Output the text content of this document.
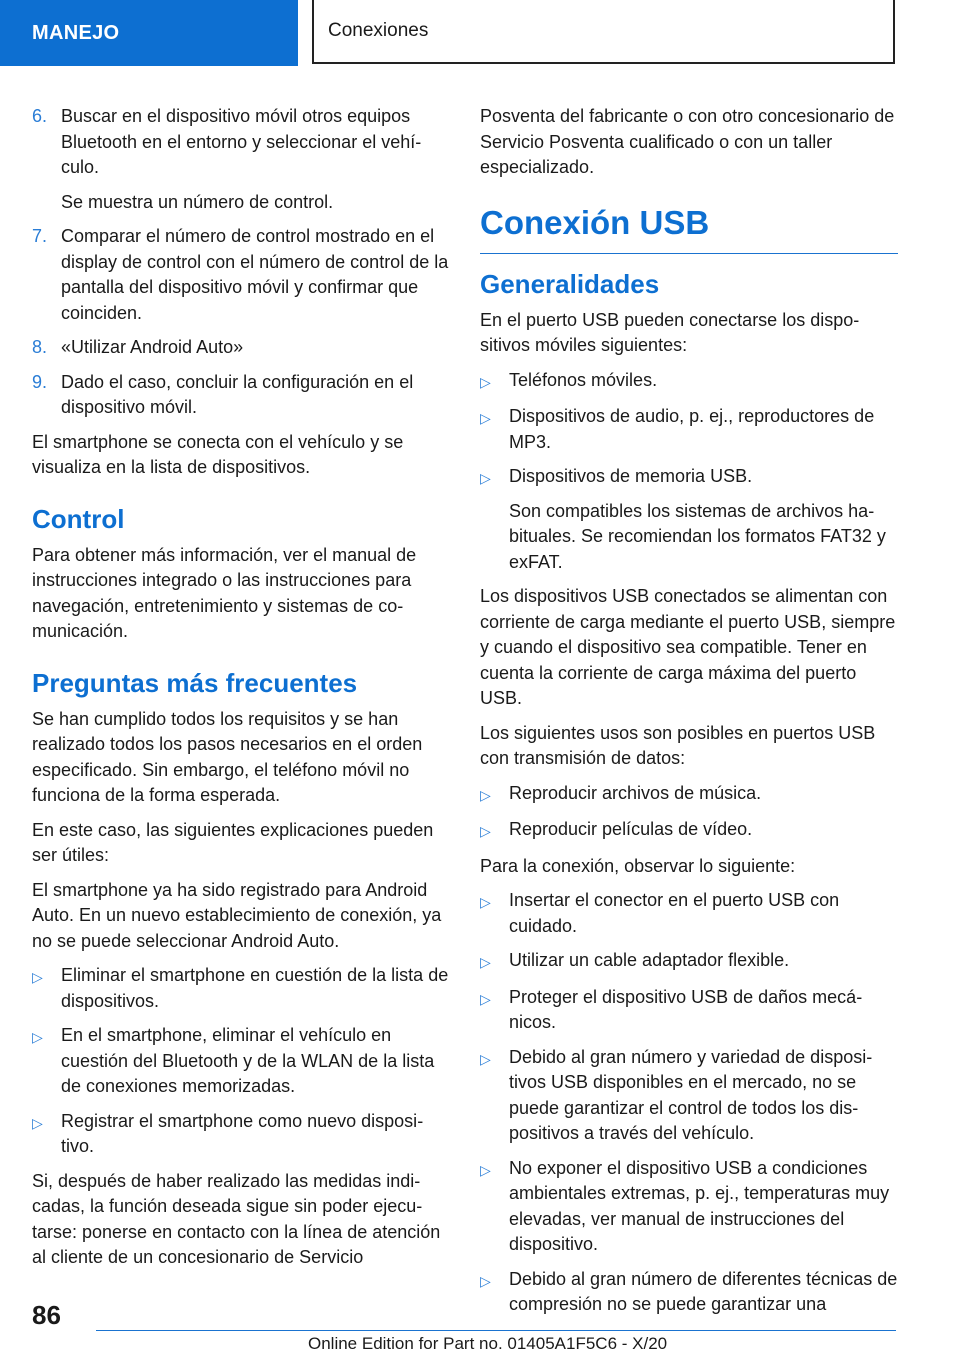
MANEJO	Conexiones
6. Buscar en el dispositivo móvil otros equipos Bluetooth en el entorno y seleccionar el vehículo.

Se muestra un número de control.

7. Comparar el número de control mostrado en el display de control con el número de control de la pantalla del dispositivo móvil y confirmar que coinciden.

8. «Utilizar Android Auto»

9. Dado el caso, concluir la configuración en el dispositivo móvil.

El smartphone se conecta con el vehículo y se visualiza en la lista de dispositivos.

Control

Para obtener más información, ver el manual de instrucciones integrado o las instrucciones para navegación, entretenimiento y sistemas de comunicación.

Preguntas más frecuentes

Se han cumplido todos los requisitos y se han realizado todos los pasos necesarios en el orden especificado. Sin embargo, el teléfono móvil no funciona de la forma esperada.

En este caso, las siguientes explicaciones pueden ser útiles:

El smartphone ya ha sido registrado para Android Auto. En un nuevo establecimiento de conexión, ya no se puede seleccionar Android Auto.

▷	Eliminar el smartphone en cuestión de la lista de dispositivos.

▷	En el smartphone, eliminar el vehículo en cuestión del Bluetooth y de la WLAN de la lista de conexiones memorizadas.

▷	Registrar el smartphone como nuevo dispositivo.

Si, después de haber realizado las medidas indicadas, la función deseada sigue sin poder ejecutarse: ponerse en contacto con la línea de atención al cliente de un concesionario de Servicio

Posventa del fabricante o con otro concesionario de Servicio Posventa cualificado o con un taller especializado.

Conexión USB
Generalidades

En el puerto USB pueden conectarse los dispositivos móviles siguientes:

▷	Teléfonos móviles.

▷	Dispositivos de audio, p. ej., reproductores de MP3.

▷	Dispositivos de memoria USB.

Son compatibles los sistemas de archivos habituales. Se recomiendan los formatos FAT32 y exFAT.

Los dispositivos USB conectados se alimentan con corriente de carga mediante el puerto USB, siempre y cuando el dispositivo sea compatible. Tener en cuenta la corriente de carga máxima del puerto USB.

Los siguientes usos son posibles en puertos USB con transmisión de datos:

▷	Reproducir archivos de música.

▷	Reproducir películas de vídeo.

Para la conexión, observar lo siguiente:

▷	Insertar el conector en el puerto USB con cuidado.

▷	Utilizar un cable adaptador flexible.

▷	Proteger el dispositivo USB de daños mecánicos.

▷	Debido al gran número y variedad de dispositivos USB disponibles en el mercado, no se puede garantizar el control de todos los dispositivos a través del vehículo.

▷	No exponer el dispositivo USB a condiciones ambientales extremas, p. ej., temperaturas muy elevadas, ver manual de instrucciones del dispositivo.

▷	Debido al gran número de diferentes técnicas de compresión no se puede garantizar una

86
Online Edition for Part no. 01405A1F5C6 - X/20
